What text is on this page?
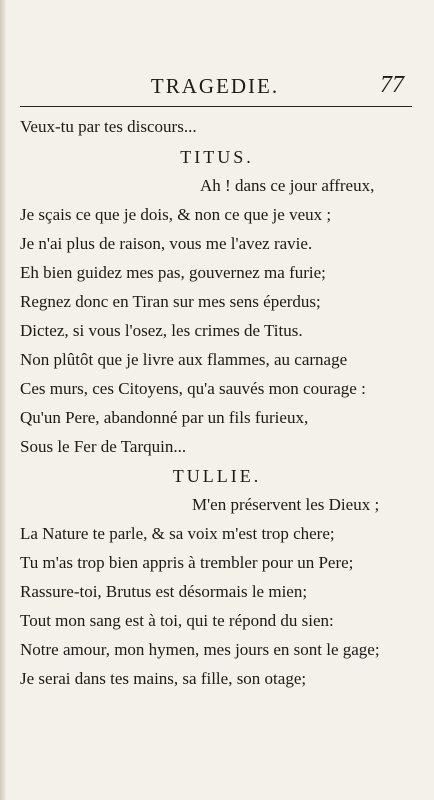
TRAGEDIE.	77
Veux-tu par tes discours...
TITUS.
Ah ! dans ce jour affreux,
Je sçais ce que je dois, & non ce que je veux ;
Je n'ai plus de raison, vous me l'avez ravie.
Eh bien guidez mes pas, gouvernez ma furie;
Regnez donc en Tiran sur mes sens éperdus;
Dictez, si vous l'osez, les crimes de Titus.
Non plûtôt que je livre aux flammes, au carnage
Ces murs, ces Citoyens, qu'a sauvés mon courage :
Qu'un Pere, abandonné par un fils furieux,
Sous le Fer de Tarquin...
TULLIE.
M'en préservent les Dieux ;
La Nature te parle, & sa voix m'est trop chere;
Tu m'as trop bien appris à trembler pour un Pere;
Rassure-toi, Brutus est désormais le mien;
Tout mon sang est à toi, qui te répond du sien:
Notre amour, mon hymen, mes jours en sont le gage;
Je serai dans tes mains, sa fille, son otage;
